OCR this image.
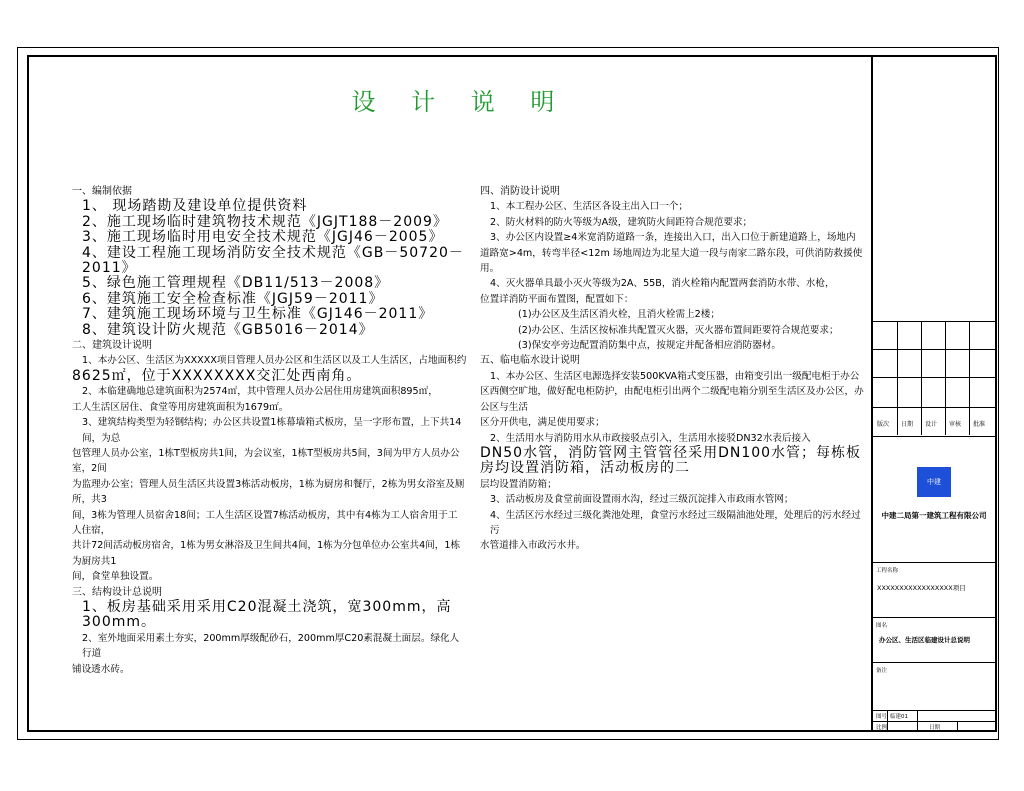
设 计 说 明

一、编制依据

1、 现场踏勘及建设单位提供资料

2、施工现场临时建筑物技术规范《JGJT188－2009》

3、施工现场临时用电安全技术规范《JGJ46－2005》

4、建设工程施工现场消防安全技术规范《GB－50720－2011》

5、绿色施工管理规程《DB11/513－2008》

6、建筑施工安全检查标准《JGJ59－2011》

7、建筑施工现场环境与卫生标准《GJ146－2011》

8、建筑设计防火规范《GB5016－2014》

二、建筑设计说明

1、本办公区、生活区为XXXXX项目管理人员办公区和生活区以及工人生活区，占地面积约

8625㎡，位于XXXXXXXX交汇处西南角。

2、本临建确地总建筑面积为2574㎡，其中管理人员办公居住用房建筑面积895㎡，

工人生活区居住、食堂等用房建筑面积为1679㎡。

3、建筑结构类型为轻钢结构；办公区共设置1栋幕墙箱式板房，呈一字形布置，上下共14间，为总

包管理人员办公室，1栋T型板房共1间，为会议室，1栋T型板房共5间，3间为甲方人员办公室，2间

为监理办公室；管理人员生活区共设置3栋活动板房，1栋为厨房和餐厅，2栋为男女浴室及厕所，共3

间，3栋为管理人员宿舍18间；工人生活区设置7栋活动板房，其中有4栋为工人宿舍用于工人住宿，

共计72间活动板房宿舍，1栋为男女淋浴及卫生间共4间，1栋为分包单位办公室共4间，1栋为厨房共1

间，食堂单独设置。

三、结构设计总说明

1、板房基础采用采用C20混凝土浇筑，宽300mm，高300mm。

2、室外地面采用素土夯实，200mm厚级配砂石，200mm厚C20素混凝土面层。绿化人行道

铺设透水砖。

四、消防设计说明

1、本工程办公区、生活区各设主出入口一个；

2、防火材料的防火等级为A级，建筑防火间距符合规范要求；

3、办公区内设置≥4米宽消防道路一条，连接出入口，出入口位于新建道路上，场地内

道路宽>4m，转弯半径<12m 场地周边为北星大道一段与南家二路东段，可供消防救援使用。

4、灭火器单具最小灭火等级为2A、55B，消火栓箱内配置两套消防水带、水枪，

位置详消防平面布置图，配置如下：

(1)办公区及生活区消火栓，且消火栓需上2楼；

(2)办公区、生活区按标准共配置灭火器，灭火器布置间距要符合规范要求；

(3)保安亭旁边配置消防集中点，按规定并配备相应消防器材。

五、临电临水设计说明

1、本办公区、生活区电源选择安装500KVA箱式变压器，由箱变引出一级配电柜于办公

区西侧空旷地，做好配电柜防护，由配电柜引出两个二级配电箱分别至生活区及办公区，办公区与生活

区分开供电，满足使用要求；

2、生活用水与消防用水从市政接驳点引入，生活用水接驳DN32水表后接入

DN50水管，消防管网主管管径采用DN100水管；每栋板房均设置消防箱，活动板房的二

层均设置消防箱；

3、活动板房及食堂前面设置雨水沟，经过三级沉淀排入市政雨水管网；

4、生活区污水经过三级化粪池处理，食堂污水经过三级隔油池处理，处理后的污水经过污

水管道排入市政污水井。

版次 日期 设计 审核 批准
中建
中建二局第一建筑工程有限公司
工程名称
XXXXXXXXXXXXXXXXX项目
图名
办公区、生活区临建设计总说明
备注
图号 临建01
比例	日期
